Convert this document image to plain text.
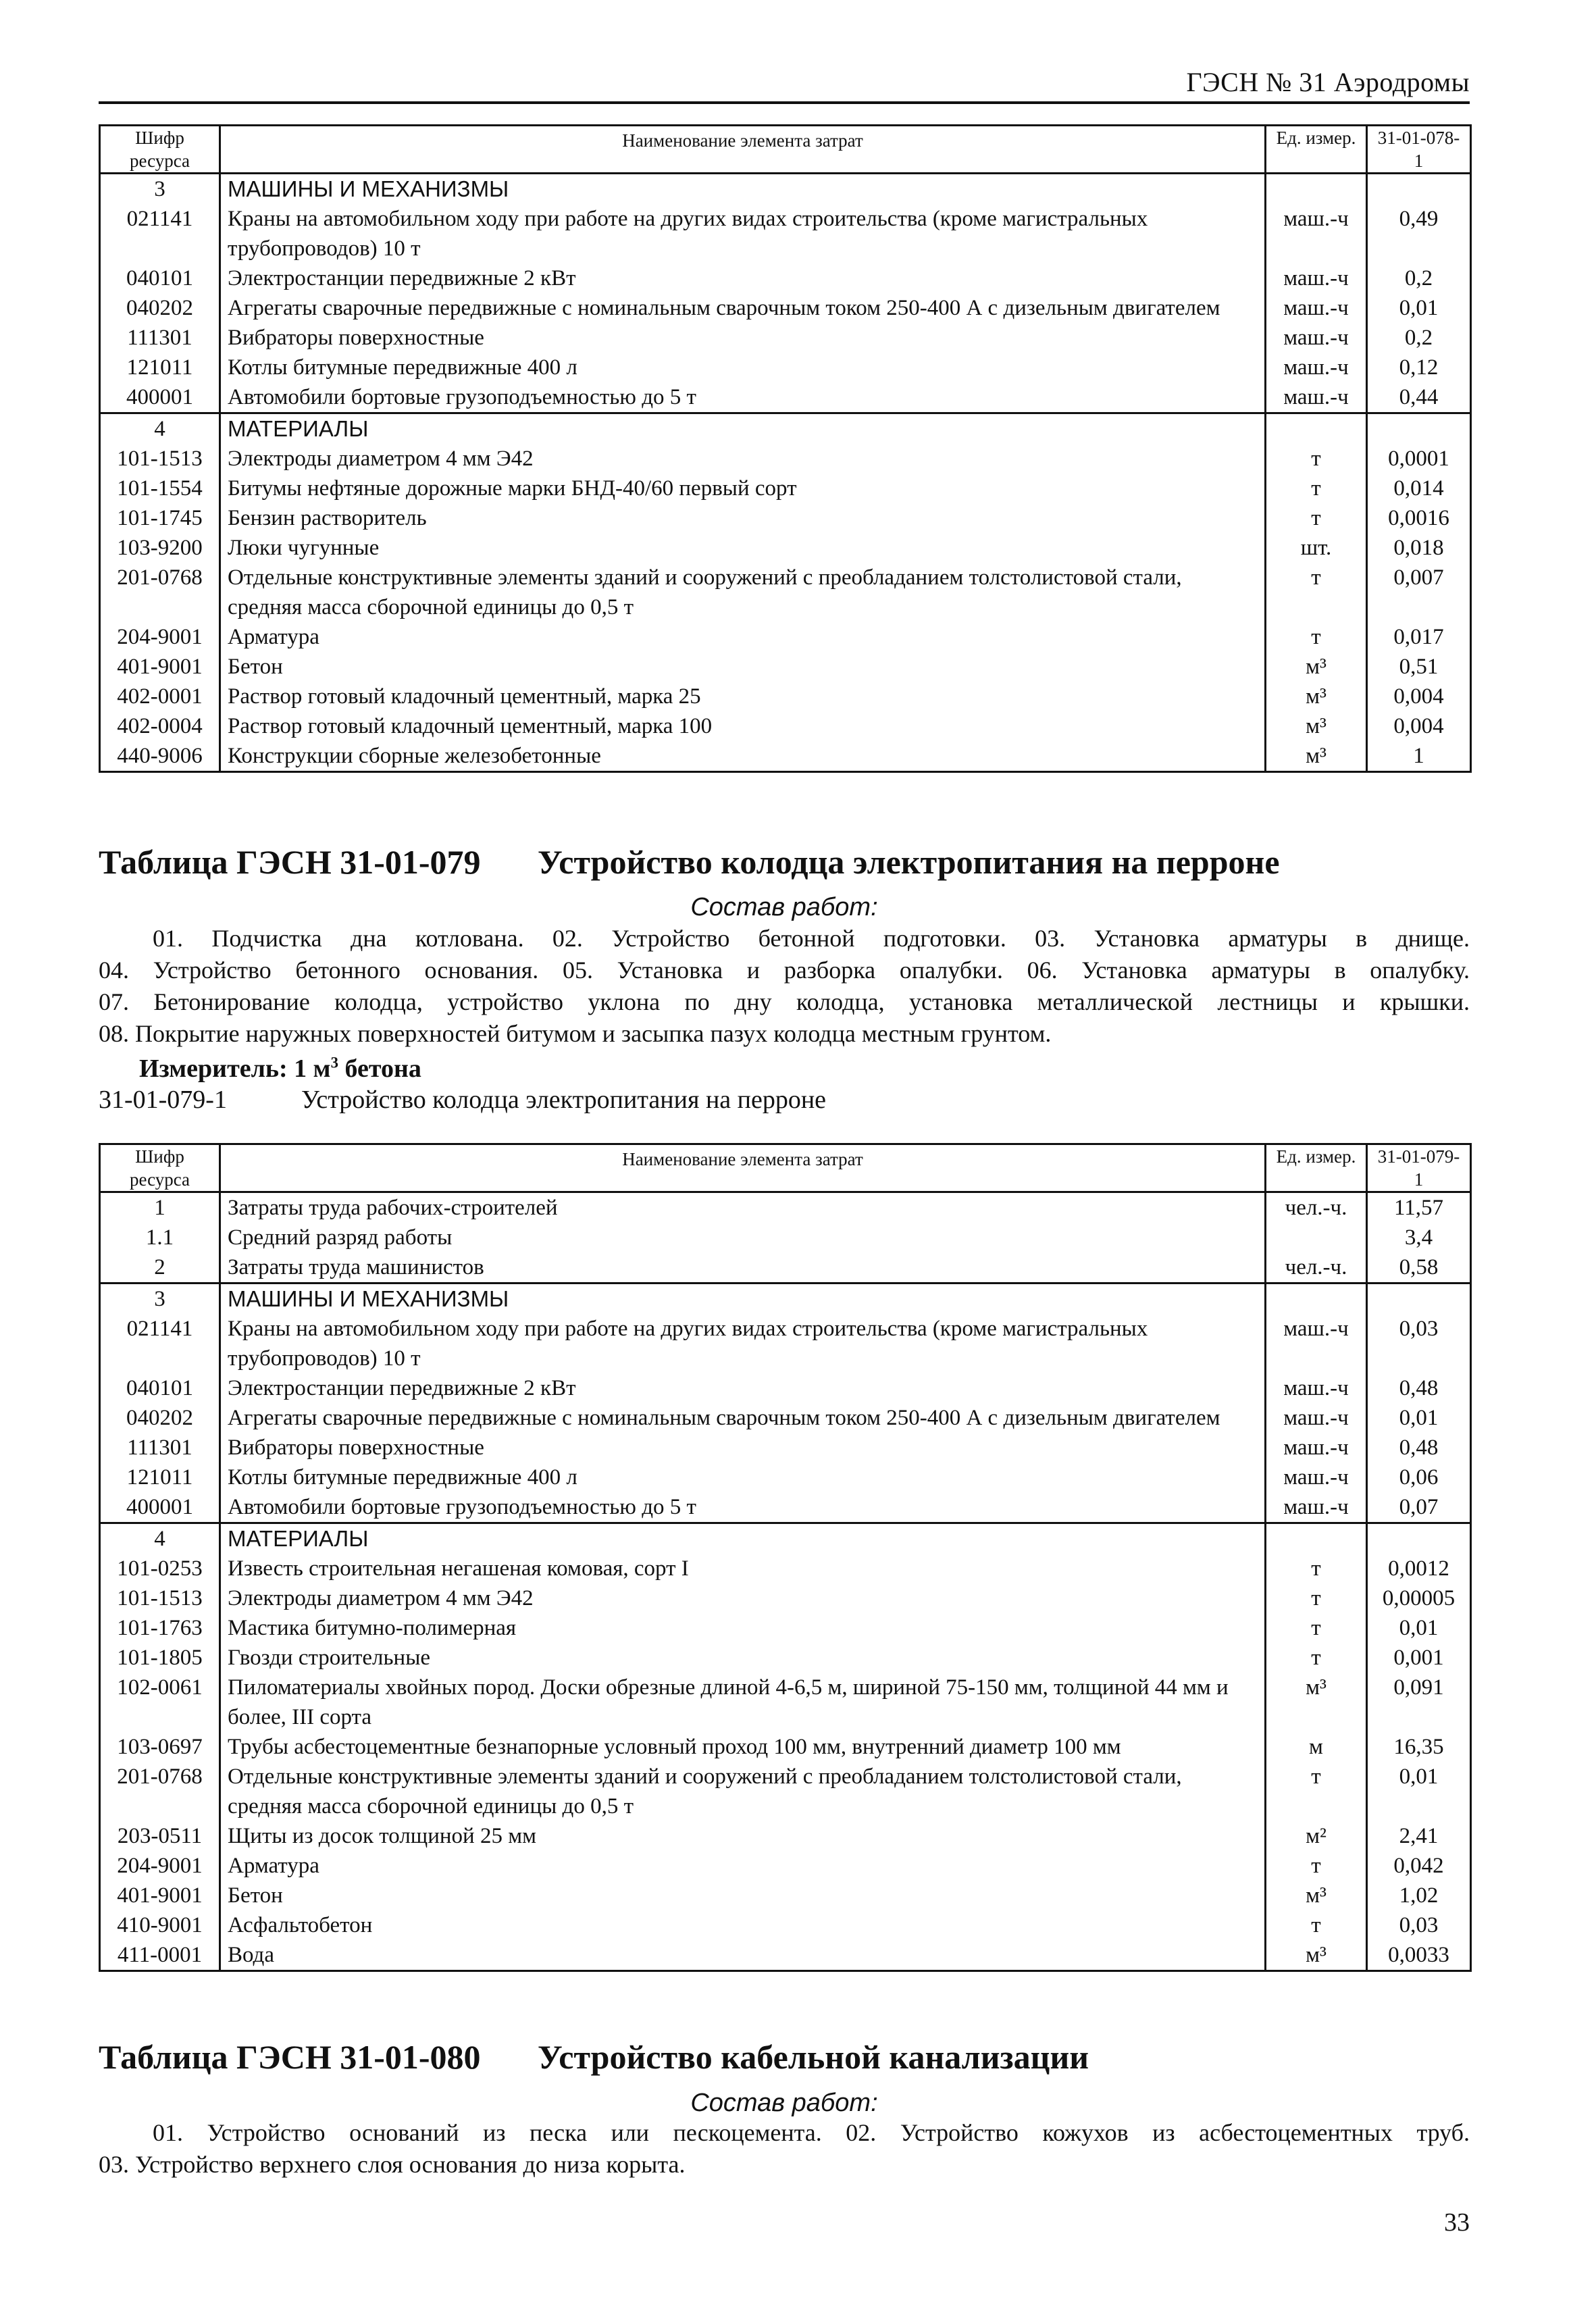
ГЭСН № 31 Аэродромы
Шифр ресурса	Наименование элемента затрат	Ед. измер.	31-01-078-1
3	МАШИНЫ И МЕХАНИЗМЫ		
021141	Краны на автомобильном ходу при работе на других видах строительства (кроме магистральных трубопроводов) 10 т	маш.-ч	0,49
040101	Электростанции передвижные 2 кВт	маш.-ч	0,2
040202	Агрегаты сварочные передвижные с номинальным сварочным током 250-400 А с дизельным двигателем	маш.-ч	0,01
111301	Вибраторы поверхностные	маш.-ч	0,2
121011	Котлы битумные передвижные 400 л	маш.-ч	0,12
400001	Автомобили бортовые грузоподъемностью до 5 т	маш.-ч	0,44
4	МАТЕРИАЛЫ		
101-1513	Электроды диаметром 4 мм Э42	т	0,0001
101-1554	Битумы нефтяные дорожные марки БНД-40/60 первый сорт	т	0,014
101-1745	Бензин растворитель	т	0,0016
103-9200	Люки чугунные	шт.	0,018
201-0768	Отдельные конструктивные элементы зданий и сооружений с преобладанием толстолистовой стали, средняя масса сборочной единицы до 0,5 т	т	0,007
204-9001	Арматура	т	0,017
401-9001	Бетон	м³	0,51
402-0001	Раствор готовый кладочный цементный, марка 25	м³	0,004
402-0004	Раствор готовый кладочный цементный, марка 100	м³	0,004
440-9006	Конструкции сборные железобетонные	м³	1
Таблица ГЭСН 31-01-079 Устройство колодца электропитания на перроне
Состав работ:
01. Подчистка дна котлована. 02. Устройство бетонной подготовки. 03. Установка арматуры в днище.
04. Устройство бетонного основания. 05. Установка и разборка опалубки. 06. Установка арматуры в опалубку.
07. Бетонирование колодца, устройство уклона по дну колодца, установка металлической лестницы и крышки.
08. Покрытие наружных поверхностей битумом и засыпка пазух колодца местным грунтом.
Измеритель: 1 $м^3$ бетона
31-01-079-1	Устройство колодца электропитания на перроне
Шифр ресурса	Наименование элемента затрат	Ед. измер.	31-01-079-1
1	Затраты труда рабочих-строителей	чел.-ч.	11,57
1.1	Средний разряд работы		3,4
2	Затраты труда машинистов	чел.-ч.	0,58
3	МАШИНЫ И МЕХАНИЗМЫ		
021141	Краны на автомобильном ходу при работе на других видах строительства (кроме магистральных трубопроводов) 10 т	маш.-ч	0,03
040101	Электростанции передвижные 2 кВт	маш.-ч	0,48
040202	Агрегаты сварочные передвижные с номинальным сварочным током 250-400 А с дизельным двигателем	маш.-ч	0,01
111301	Вибраторы поверхностные	маш.-ч	0,48
121011	Котлы битумные передвижные 400 л	маш.-ч	0,06
400001	Автомобили бортовые грузоподъемностью до 5 т	маш.-ч	0,07
4	МАТЕРИАЛЫ		
101-0253	Известь строительная негашеная комовая, сорт I	т	0,0012
101-1513	Электроды диаметром 4 мм Э42	т	0,00005
101-1763	Мастика битумно-полимерная	т	0,01
101-1805	Гвозди строительные	т	0,001
102-0061	Пиломатериалы хвойных пород. Доски обрезные длиной 4-6,5 м, шириной 75-150 мм, толщиной 44 мм и более, III сорта	м³	0,091
103-0697	Трубы асбестоцементные безнапорные условный проход 100 мм, внутренний диаметр 100 мм	м	16,35
201-0768	Отдельные конструктивные элементы зданий и сооружений с преобладанием толстолистовой стали, средняя масса сборочной единицы до 0,5 т	т	0,01
203-0511	Щиты из досок толщиной 25 мм	м²	2,41
204-9001	Арматура	т	0,042
401-9001	Бетон	м³	1,02
410-9001	Асфальтобетон	т	0,03
411-0001	Вода	м³	0,0033
Таблица ГЭСН 31-01-080 Устройство кабельной канализации
Состав работ:
01. Устройство оснований из песка или пескоцемента. 02. Устройство кожухов из асбестоцементных труб.
03. Устройство верхнего слоя основания до низа корыта.
33
